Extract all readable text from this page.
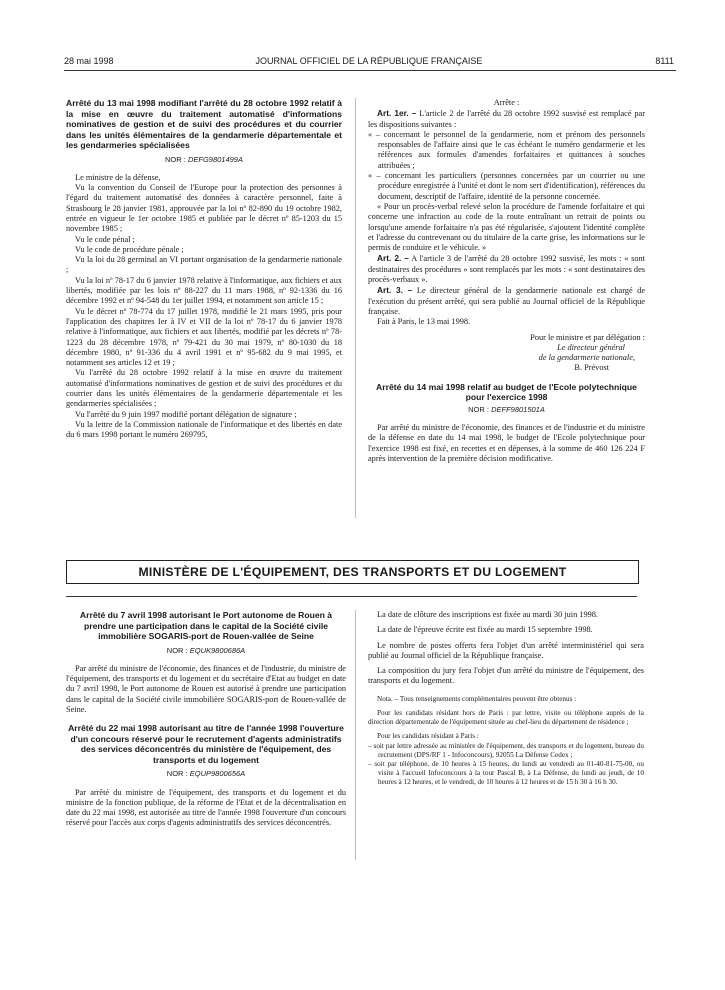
28 mai 1998	JOURNAL OFFICIEL DE LA RÉPUBLIQUE FRANÇAISE	8111
Arrêté du 13 mai 1998 modifiant l'arrêté du 28 octobre 1992 relatif à la mise en œuvre du traitement automatisé d'informations nominatives de gestion et de suivi des procédures et du courrier dans les unités élémentaires de la gendarmerie départementale et les gendarmeries spécialisées
NOR : DEFG9801499A

Le ministre de la défense,

Vu la convention du Conseil de l'Europe pour la protection des personnes à l'égard du traitement automatisé des données à caractère personnel, faite à Strasbourg le 28 janvier 1981, approuvée par la loi nº 82-890 du 19 octobre 1982, entrée en vigueur le 1er octobre 1985 et publiée par le décret nº 85-1203 du 15 novembre 1985 ;

Vu le code pénal ;

Vu le code de procédure pénale ;

Vu la loi du 28 germinal an VI portant organisation de la gendarmerie nationale ;

Vu la loi nº 78-17 du 6 janvier 1978 relative à l'informatique, aux fichiers et aux libertés, modifiée par les lois nº 88-227 du 11 mars 1988, nº 92-1336 du 16 décembre 1992 et nº 94-548 du 1er juillet 1994, et notamment son article 15 ;

Vu le décret nº 78-774 du 17 juillet 1978, modifié le 21 mars 1995, pris pour l'application des chapitres Ier à IV et VII de la loi nº 78-17 du 6 janvier 1978 relative à l'informatique, aux fichiers et aux libertés, modifié par les décrets nº 78-1223 du 28 décembre 1978, nº 79-421 du 30 mai 1979, nº 80-1030 du 18 décembre 1980, nº 91-336 du 4 avril 1991 et nº 95-682 du 9 mai 1995, et notamment ses articles 12 et 19 ;

Vu l'arrêté du 28 octobre 1992 relatif à la mise en œuvre du traitement automatisé d'informations nominatives de gestion et de suivi des procédures et du courrier dans les unités élémentaires de la gendarmerie départementale et les gendarmeries spécialisées ;

Vu l'arrêté du 9 juin 1997 modifié portant délégation de signature ;

Vu la lettre de la Commission nationale de l'informatique et des libertés en date du 6 mars 1998 portant le numéro 269795,

Arrête :

Art. 1er. – L'article 2 de l'arrêté du 28 octobre 1992 susvisé est remplacé par les dispositions suivantes :

« – concernant le personnel de la gendarmerie, nom et prénom des personnels responsables de l'affaire ainsi que le cas échéant le numéro gendarmerie et les références aux formules d'amendes forfaitaires et quittances à souches attribuées ;

« – concernant les particuliers (personnes concernées par un courrier ou une procédure enregistrée à l'unité et dont le nom sert d'identification), références du document, descriptif de l'affaire, identité de la personne concernée.

« Pour un procès-verbal relevé selon la procédure de l'amende forfaitaire et qui concerne une infraction au code de la route entraînant un retrait de points ou lorsqu'une amende forfaitaire n'a pas été régularisée, s'ajoutent l'identité complète et l'adresse du contrevenant ou du titulaire de la carte grise, les informations sur le permis de conduire et le véhicule. »

Art. 2. – A l'article 3 de l'arrêté du 28 octobre 1992 susvisé, les mots : « sont destinataires des procédures » sont remplacés par les mots : « sont destinataires des procès-verbaux ».

Art. 3. – Le directeur général de la gendarmerie nationale est chargé de l'exécution du présent arrêté, qui sera publié au Journal officiel de la République française.

Fait à Paris, le 13 mai 1998.

Pour le ministre et par délégation :

Le directeur général

de la gendarmerie nationale,

B. Prévost

Arrêté du 14 mai 1998 relatif au budget de l'Ecole polytechnique pour l'exercice 1998
NOR : DEFF9801501A

Par arrêté du ministre de l'économie, des finances et de l'industrie et du ministre de la défense en date du 14 mai 1998, le budget de l'Ecole polytechnique pour l'exercice 1998 est fixé, en recettes et en dépenses, à la somme de 460 126 224 F après intervention de la première décision modificative.

MINISTÈRE DE L'ÉQUIPEMENT, DES TRANSPORTS ET DU LOGEMENT
Arrêté du 7 avril 1998 autorisant le Port autonome de Rouen à prendre une participation dans le capital de la Société civile immobilière SOGARIS-port de Rouen-vallée de Seine
NOR : EQUK9800686A

Par arrêté du ministre de l'économie, des finances et de l'industrie, du ministre de l'équipement, des transports et du logement et du secrétaire d'Etat au budget en date du 7 avril 1998, le Port autonome de Rouen est autorisé à prendre une participation dans le capital de la Société civile immobilière SOGARIS-port de Rouen-vallée de Seine.

Arrêté du 22 mai 1998 autorisant au titre de l'année 1998 l'ouverture d'un concours réservé pour le recrutement d'agents administratifs des services déconcentrés du ministère de l'équipement, des transports et du logement
NOR : EQUP9800656A

Par arrêté du ministre de l'équipement, des transports et du logement et du ministre de la fonction publique, de la réforme de l'Etat et de la décentralisation en date du 22 mai 1998, est autorisée au titre de l'année 1998 l'ouverture d'un concours réservé pour l'accès aux corps d'agents administratifs des services déconcentrés.

La date de clôture des inscriptions est fixée au mardi 30 juin 1998.

La date de l'épreuve écrite est fixée au mardi 15 septembre 1998.

Le nombre de postes offerts fera l'objet d'un arrêté interministériel qui sera publié au Journal officiel de la République française.

La composition du jury fera l'objet d'un arrêté du ministre de l'équipement, des transports et du logement.

Nota. – Tous renseignements complémentaires peuvent être obtenus :

Pour les candidats résidant hors de Paris : par lettre, visite ou téléphone auprès de la direction départementale de l'équipement située au chef-lieu du département de résidence ;

Pour les candidats résidant à Paris :

– soit par lettre adressée au ministère de l'équipement, des transports et du logement, bureau du recrutement (DPS/RF 1 - Infoconcours), 92055 La Défense Cedex ;

– soit par téléphone, de 10 heures à 15 heures, du lundi au vendredi au 01-40-81-75-00, ou visite à l'accueil Infoconcours à la tour Pascal B, à La Défense, du lundi au jeudi, de 10 heures à 12 heures, et le vendredi, de 10 heures à 12 heures et de 15 h 30 à 16 h 30.
